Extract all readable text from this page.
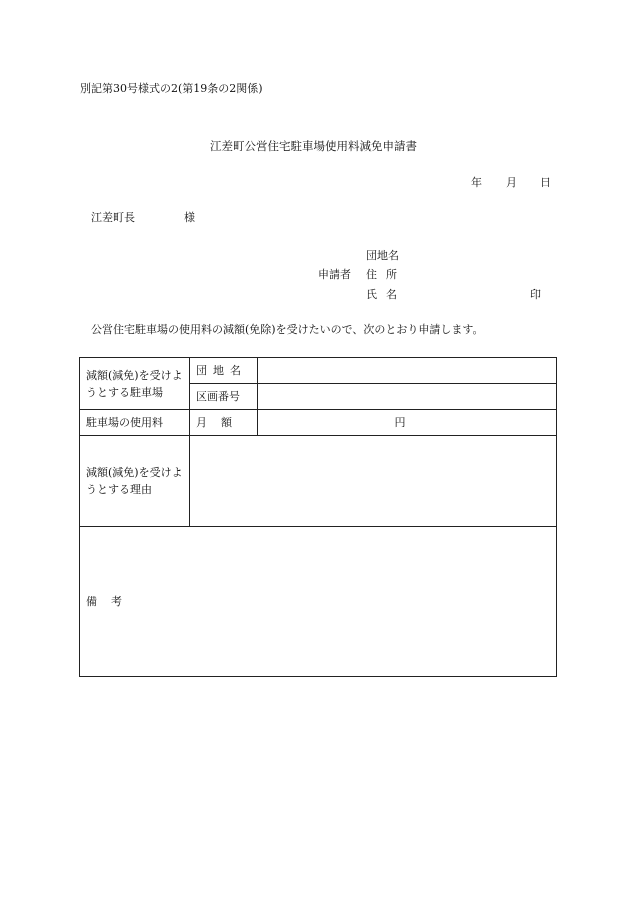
別記第30号様式の2(第19条の2関係)
江差町公営住宅駐車場使用料減免申請書
年 月 日
江差町長	様
団地名
申請者 住所
氏名	印
公営住宅駐車場の使用料の減額(免除)を受けたいので、次のとおり申請します。
減額(減免)を受けようとする駐車場	団地名	
	区画番号	
駐車場の使用料	月額	円
減額(減免)を受けようとする理由		
備考		
